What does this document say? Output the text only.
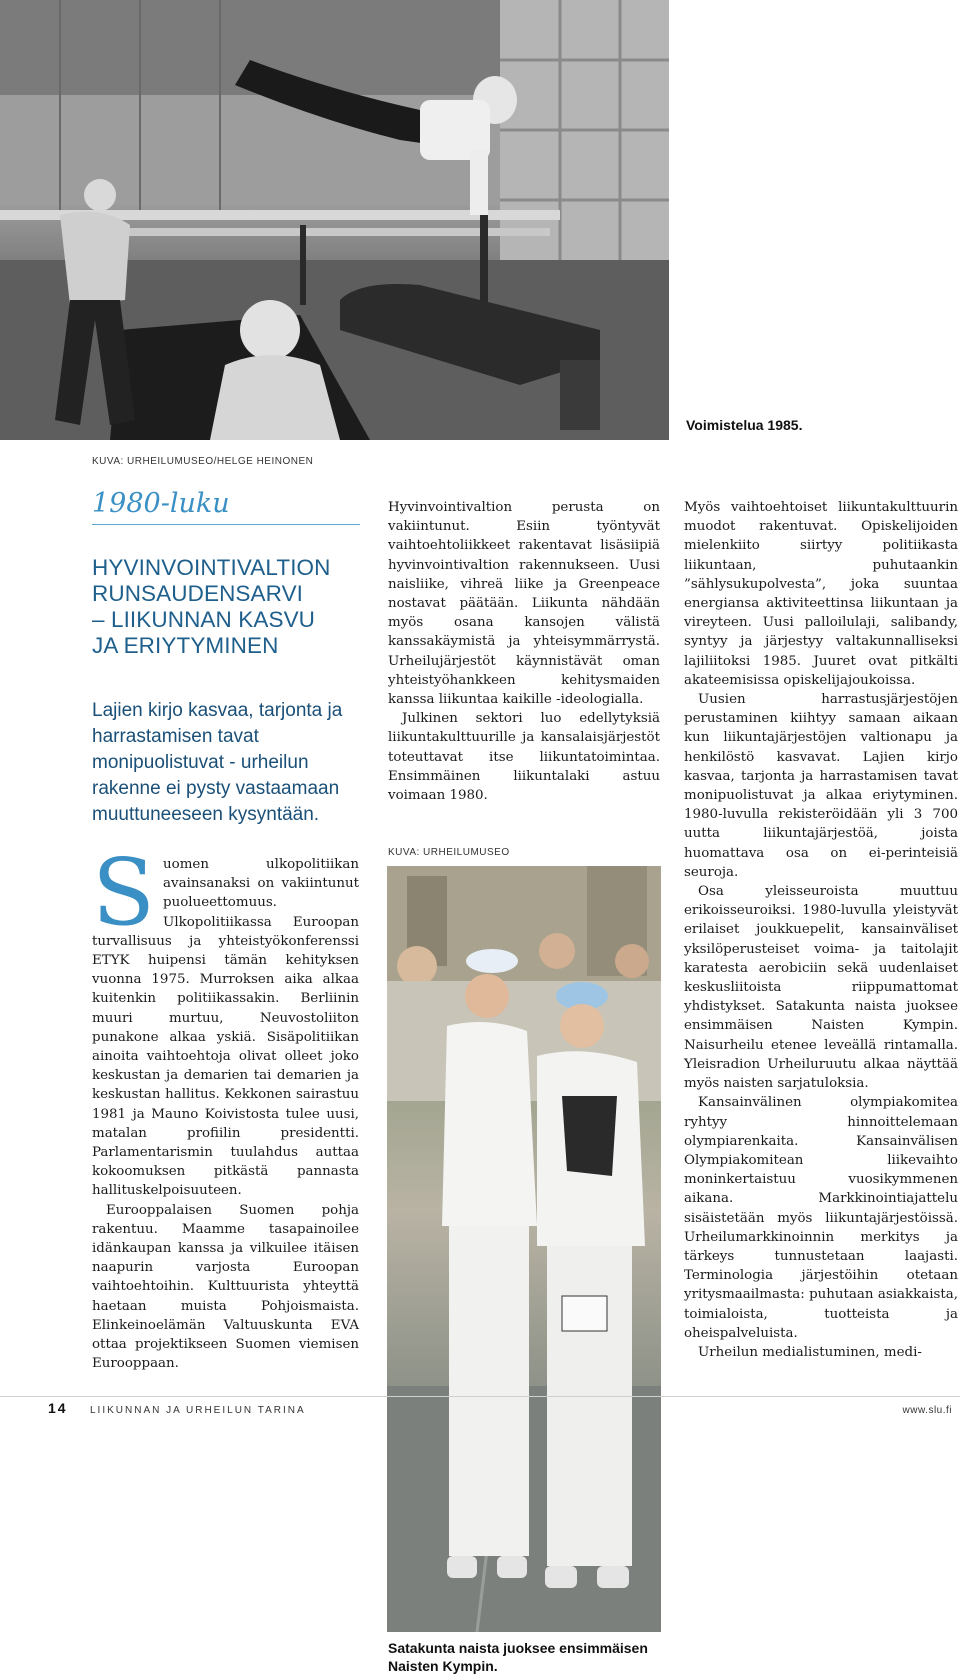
Voimistelua 1985.
KUVA: URHEILUMUSEO/HELGE HEINONEN
1980-luku
HYVINVOINTIVALTION
RUNSAUDENSARVI
– LIIKUNNAN KASVU
JA ERIYTYMINEN
Lajien kirjo kasvaa, tarjonta ja harrastamisen tavat monipuolistuvat - urheilun rakenne ei pysty vastaamaan muuttuneeseen kysyntään.

Suomen ulkopolitiikan avainsanaksi on vakiintunut puolueettomuus. Ulkopolitiikassa Euroopan turvallisuus ja yhteistyökonferenssi ETYK huipensi tämän kehityksen vuonna 1975. Murroksen aika alkaa kuitenkin politiikassakin. Berliinin muuri murtuu, Neuvostoliiton punakone alkaa yskiä. Sisäpolitiikan ainoita vaihtoehtoja olivat olleet joko keskustan ja demarien tai demarien ja keskustan hallitus. Kekkonen sairastuu 1981 ja Mauno Koivistosta tulee uusi, matalan profiilin presidentti. Parlamentarismin tuulahdus auttaa kokoomuksen pitkästä pannasta hallituskelpoisuuteen.

Eurooppalaisen Suomen pohja rakentuu. Maamme tasapainoilee idänkaupan kanssa ja vilkuilee itäisen naapurin varjosta Euroopan vaihtoehtoihin. Kulttuurista yhteyttä haetaan muista Pohjoismaista. Elinkeinoelämän Valtuuskunta EVA ottaa projektikseen Suomen viemisen Eurooppaan.

Hyvinvointivaltion perusta on vakiintunut. Esiin työntyvät vaihtoehtoliikkeet rakentavat lisäsiipiä hyvinvointivaltion rakennukseen. Uusi naisliike, vihreä liike ja Greenpeace nostavat päätään. Liikunta nähdään myös osana kansojen välistä kanssakäymistä ja yhteisymmärrystä. Urheilujärjestöt käynnistävät oman yhteistyöhankkeen kehitysmaiden kanssa liikuntaa kaikille -ideologialla.

Julkinen sektori luo edellytyksiä liikuntakulttuurille ja kansalaisjärjestöt toteuttavat itse liikuntatoimintaa. Ensimmäinen liikuntalaki astuu voimaan 1980.

KUVA: URHEILUMUSEO
Satakunta naista juoksee ensimmäisen Naisten Kympin.

Myös vaihtoehtoiset liikuntakulttuurin muodot rakentuvat. Opiskelijoiden mielenkiito siirtyy politiikasta liikuntaan, puhutaankin ”sählysukupolvesta”, joka suuntaa energiansa aktiviteettinsa liikuntaan ja vireyteen. Uusi palloilulaji, salibandy, syntyy ja järjestyy valtakunnalliseksi lajiliitoksi 1985. Juuret ovat pitkälti akateemisissa opiskelijajoukoissa.

Uusien harrastusjärjestöjen perustaminen kiihtyy samaan aikaan kun liikuntajärjestöjen valtionapu ja henkilöstö kasvavat. Lajien kirjo kasvaa, tarjonta ja harrastamisen tavat monipuolistuvat ja alkaa eriytyminen. 1980-luvulla rekisteröidään yli 3 700 uutta liikuntajärjestöä, joista huomattava osa on ei-perinteisiä seuroja.

Osa yleisseuroista muuttuu erikoisseuroiksi. 1980-luvulla yleistyvät erilaiset joukkuepelit, kansainväliset yksilöperusteiset voima- ja taitolajit karatesta aerobiciin sekä uudenlaiset keskusliitoista riippumattomat yhdistykset. Satakunta naista juoksee ensimmäisen Naisten Kympin. Naisurheilu etenee leveällä rintamalla. Yleisradion Urheiluruutu alkaa näyttää myös naisten sarjatuloksia.

Kansainvälinen olympiakomitea ryhtyy hinnoittelemaan olympiarenkaita. Kansainvälisen Olympiakomitean liikevaihto moninkertaistuu vuosikymmenen aikana. Markkinointiajattelu sisäistetään myös liikuntajärjestöissä. Urheilumarkkinoinnin merkitys ja tärkeys tunnustetaan laajasti. Terminologia järjestöihin otetaan yritysmaailmasta: puhutaan asiakkaista, toimialoista, tuotteista ja oheispalveluista.

Urheilun medialistuminen, medi-

14 LIIKUNNAN JA URHEILUN TARINA	www.slu.fi
